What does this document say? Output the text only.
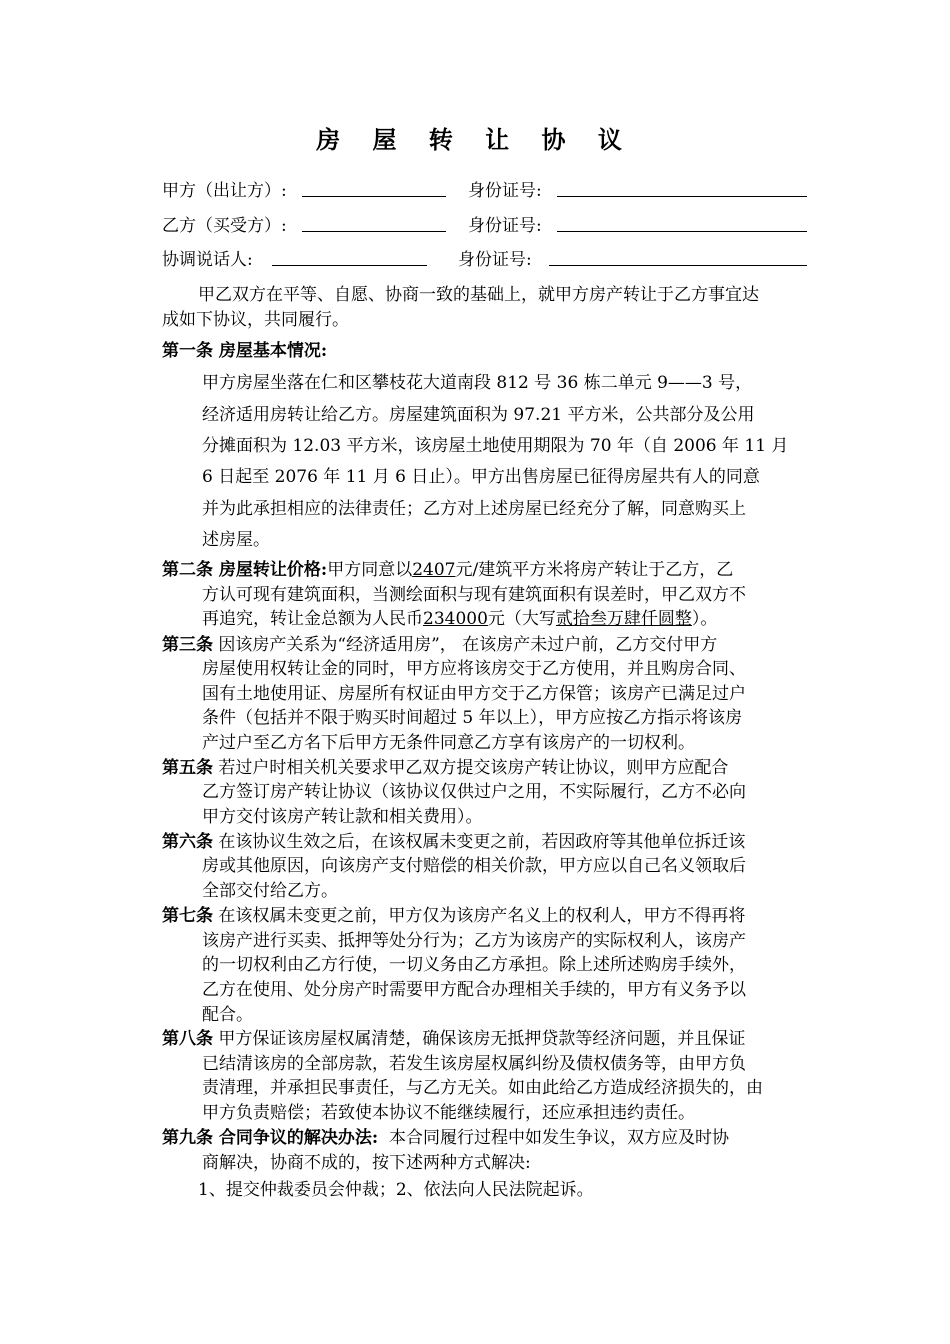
房 屋 转 让 协 议
甲方（出让方）:	身份证号:
乙方（买受方）:	身份证号:
协调说话人:	身份证号:
甲乙双方在平等、自愿、协商一致的基础上，就甲方房产转让于乙方事宜达
成如下协议，共同履行。
第一条 房屋基本情况:
甲方房屋坐落在仁和区攀枝花大道南段 812 号 36 栋二单元 9——3 号，
经济适用房转让给乙方。房屋建筑面积为 97.21 平方米，公共部分及公用
分摊面积为 12.03 平方米，该房屋土地使用期限为 70 年（自 2006 年 11 月
6 日起至 2076 年 11 月 6 日止）。甲方出售房屋已征得房屋共有人的同意
并为此承担相应的法律责任；乙方对上述房屋已经充分了解，同意购买上
述房屋。
第二条 房屋转让价格:甲方同意以2407元/建筑平方米将房产转让于乙方，乙
方认可现有建筑面积，当测绘面积与现有建筑面积有误差时，甲乙双方不
再追究，转让金总额为人民币234000元（大写贰拾叁万肆仟圆整）。
第三条 因该房产关系为“经济适用房”， 在该房产未过户前，乙方交付甲方
房屋使用权转让金的同时，甲方应将该房交于乙方使用，并且购房合同、
国有土地使用证、房屋所有权证由甲方交于乙方保管；该房产已满足过户
条件（包括并不限于购买时间超过 5 年以上），甲方应按乙方指示将该房
产过户至乙方名下后甲方无条件同意乙方享有该房产的一切权利。
第五条 若过户时相关机关要求甲乙双方提交该房产转让协议，则甲方应配合
乙方签订房产转让协议（该协议仅供过户之用，不实际履行，乙方不必向
甲方交付该房产转让款和相关费用）。
第六条 在该协议生效之后，在该权属未变更之前，若因政府等其他单位拆迁该
房或其他原因，向该房产支付赔偿的相关价款，甲方应以自己名义领取后
全部交付给乙方。
第七条 在该权属未变更之前，甲方仅为该房产名义上的权利人，甲方不得再将
该房产进行买卖、抵押等处分行为；乙方为该房产的实际权利人，该房产
的一切权利由乙方行使，一切义务由乙方承担。除上述所述购房手续外，
乙方在使用、处分房产时需要甲方配合办理相关手续的，甲方有义务予以
配合。
第八条 甲方保证该房屋权属清楚，确保该房无抵押贷款等经济问题，并且保证
已结清该房的全部房款，若发生该房屋权属纠纷及债权债务等，由甲方负
责清理，并承担民事责任，与乙方无关。如由此给乙方造成经济损失的，由
甲方负责赔偿；若致使本协议不能继续履行，还应承担违约责任。
第九条 合同争议的解决办法: 本合同履行过程中如发生争议，双方应及时协
商解决，协商不成的，按下述两种方式解决:
1、提交仲裁委员会仲裁；2、依法向人民法院起诉。
